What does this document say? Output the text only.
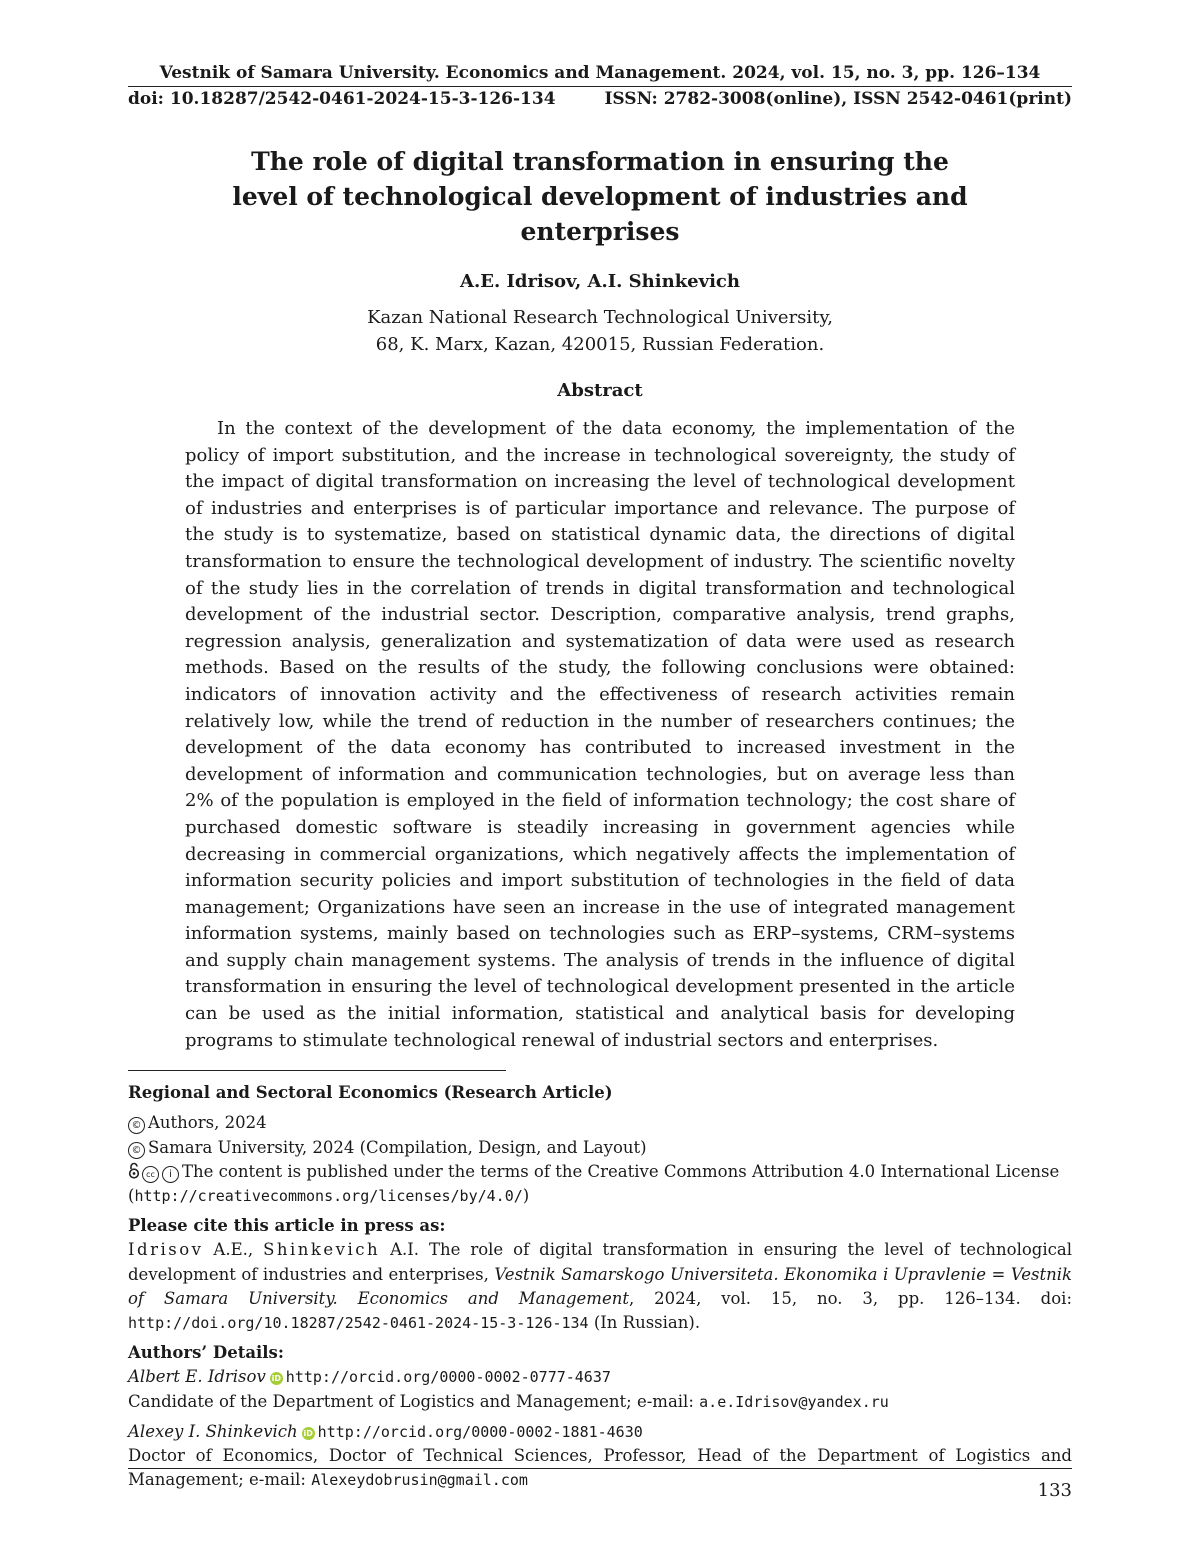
Vestnik of Samara University. Economics and Management. 2024, vol. 15, no. 3, pp. 126–134
doi: 10.18287/2542-0461-2024-15-3-126-134	ISSN: 2782-3008(online), ISSN 2542-0461(print)
The role of digital transformation in ensuring the level of technological development of industries and enterprises
A.E. Idrisov, A.I. Shinkevich
Kazan National Research Technological University,
68, K. Marx, Kazan, 420015, Russian Federation.
Abstract
In the context of the development of the data economy, the implementation of the policy of import substitution, and the increase in technological sovereignty, the study of the impact of digital transformation on increasing the level of technological development of industries and enterprises is of particular importance and relevance. The purpose of the study is to systematize, based on statistical dynamic data, the directions of digital transformation to ensure the technological development of industry. The scientific novelty of the study lies in the correlation of trends in digital transformation and technological development of the industrial sector. Description, comparative analysis, trend graphs, regression analysis, generalization and systematization of data were used as research methods. Based on the results of the study, the following conclusions were obtained: indicators of innovation activity and the effectiveness of research activities remain relatively low, while the trend of reduction in the number of researchers continues; the development of the data economy has contributed to increased investment in the development of information and communication technologies, but on average less than 2% of the population is employed in the field of information technology; the cost share of purchased domestic software is steadily increasing in government agencies while decreasing in commercial organizations, which negatively affects the implementation of information security policies and import substitution of technologies in the field of data management; Organizations have seen an increase in the use of integrated management information systems, mainly based on technologies such as ERP–systems, CRM–systems and supply chain management systems. The analysis of trends in the influence of digital transformation in ensuring the level of technological development presented in the article can be used as the initial information, statistical and analytical basis for developing programs to stimulate technological renewal of industrial sectors and enterprises.
Regional and Sectoral Economics (Research Article)
© Authors, 2024
© Samara University, 2024 (Compilation, Design, and Layout)
cc i The content is published under the terms of the Creative Commons Attribution 4.0 International License
(http://creativecommons.org/licenses/by/4.0/)
Please cite this article in press as:
Idrisov A.E., Shinkevich A.I. The role of digital transformation in ensuring the level of technological development of industries and enterprises, Vestnik Samarskogo Universiteta. Ekonomika i Upravlenie = Vestnik of Samara University. Economics and Management, 2024, vol. 15, no. 3, pp. 126–134. doi: http://doi.org/10.18287/2542-0461-2024-15-3-126-134 (In Russian).
Authors’ Details:
Albert E. Idrisov iD http://orcid.org/0000-0002-0777-4637
Candidate of the Department of Logistics and Management; e-mail: a.e.Idrisov@yandex.ru
Alexey I. Shinkevich iD http://orcid.org/0000-0002-1881-4630
Doctor of Economics, Doctor of Technical Sciences, Professor, Head of the Department of Logistics and Management; e-mail: Alexeydobrusin@gmail.com	133
